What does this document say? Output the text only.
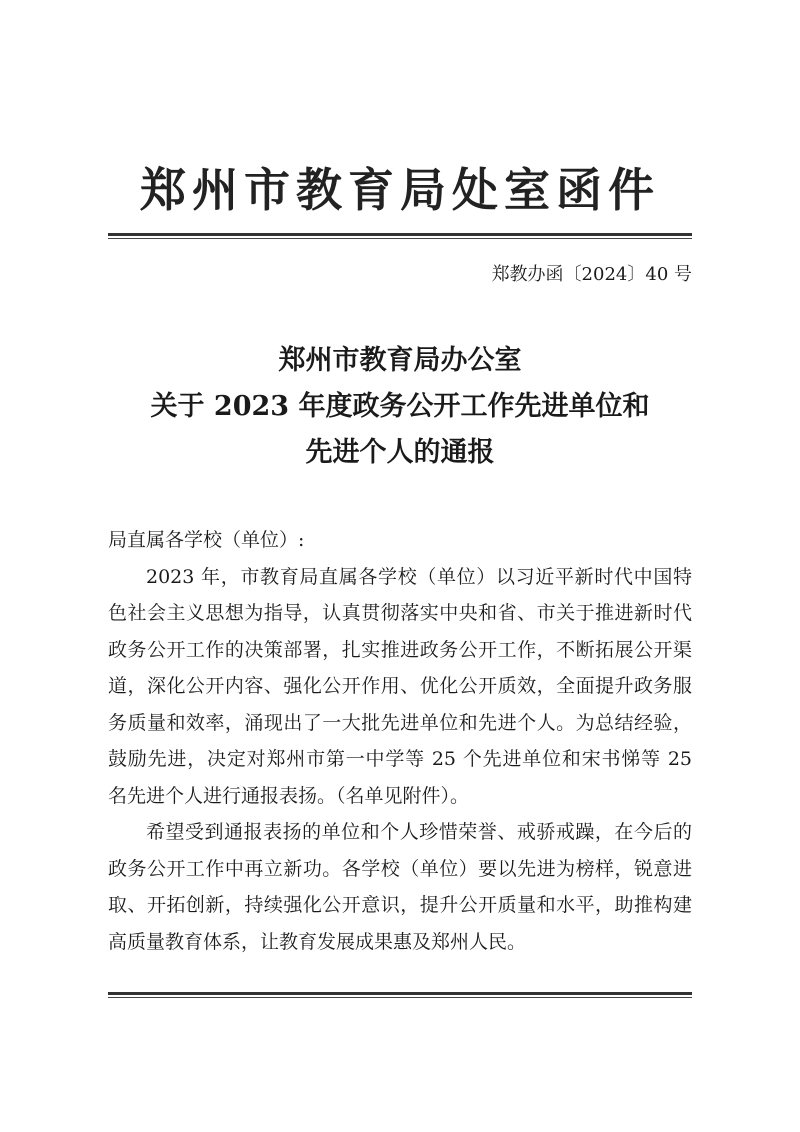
郑州市教育局处室函件
郑教办函〔2024〕40 号
郑州市教育局办公室
关于 2023 年度政务公开工作先进单位和
先进个人的通报

局直属各学校（单位）:

2023 年，市教育局直属各学校（单位）以习近平新时代中国特色社会主义思想为指导，认真贯彻落实中央和省、市关于推进新时代政务公开工作的决策部署，扎实推进政务公开工作，不断拓展公开渠道，深化公开内容、强化公开作用、优化公开质效，全面提升政务服务质量和效率，涌现出了一大批先进单位和先进个人。为总结经验，鼓励先进，决定对郑州市第一中学等 25 个先进单位和宋书悌等 25 名先进个人进行通报表扬。（名单见附件）。

希望受到通报表扬的单位和个人珍惜荣誉、戒骄戒躁，在今后的政务公开工作中再立新功。各学校（单位）要以先进为榜样，锐意进取、开拓创新，持续强化公开意识，提升公开质量和水平，助推构建高质量教育体系，让教育发展成果惠及郑州人民。
